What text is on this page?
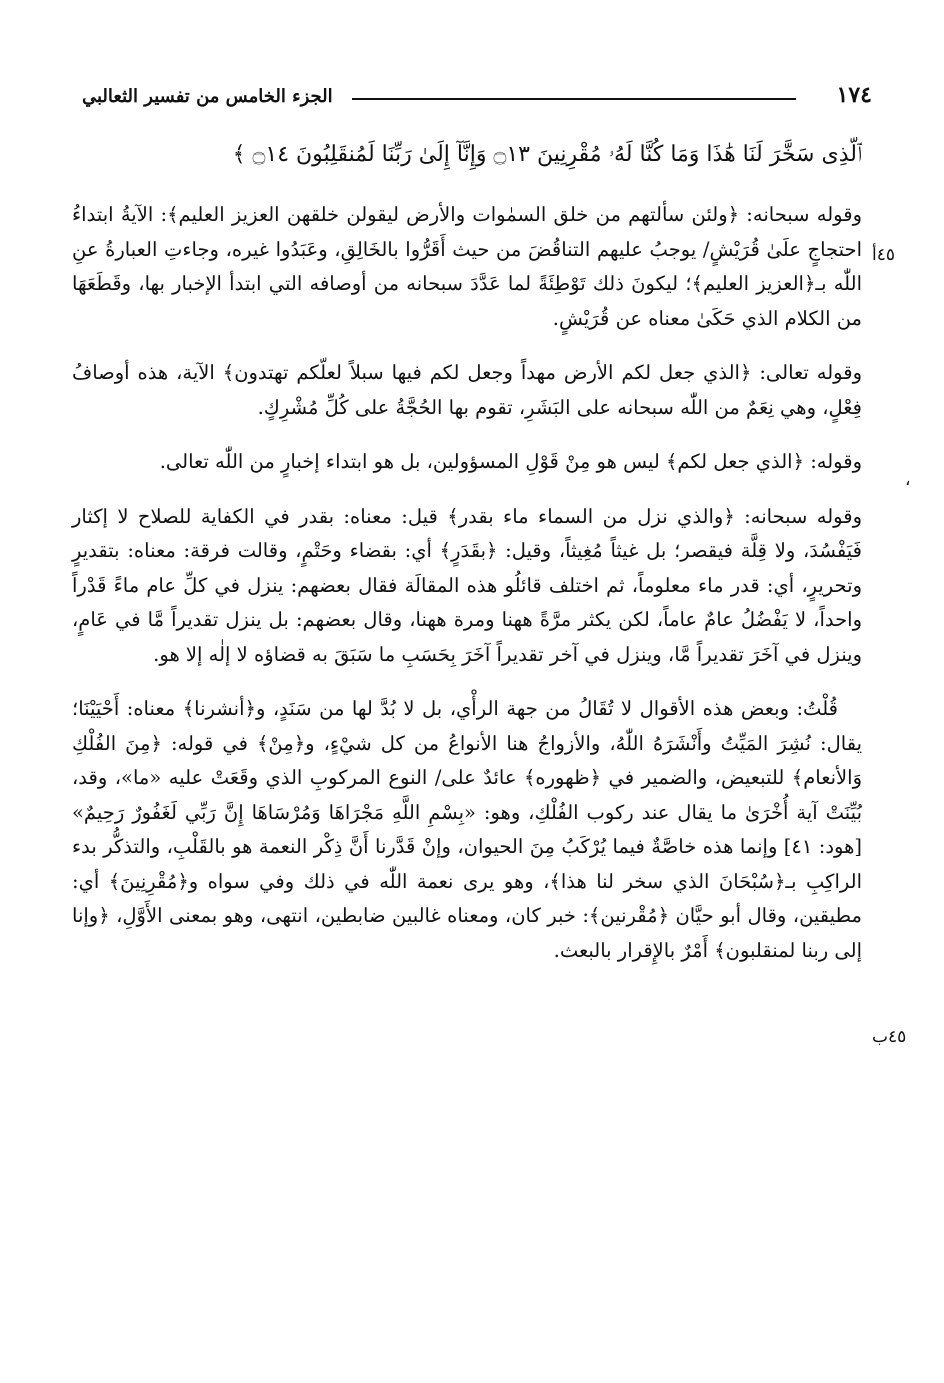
الجزء الخامس من تفسير الثعالبي	١٧٤
ٱلَّذِى سَخَّرَ لَنَا هَٰذَا وَمَا كُنَّا لَهُۥ مُقْرِنِينَ ۝١٣ وَإِنَّآ إِلَىٰ رَبِّنَا لَمُنقَلِبُونَ ۝١٤ ﴾
٤٥أ
،
٤٥ب

وقوله سبحانه: ﴿ولئن سألتهم من خلق السمٰوات والأرض ليقولن خلقهن العزيز العليم﴾: الآيةُ ابتداءُ احتجاجٍ علَىٰ قُرَيْشٍ/ يوجبُ عليهم التناقُضَ من حيث أَقَرُّوا بالخَالِقِ، وعَبَدُوا غيره، وجاءتِ العبارةُ عنِ اللّٰه بـ﴿العزيز العليم﴾؛ ليكونَ ذلك تَوْطِئَةً لما عَدَّدَ سبحانه من أوصافه التي ابتدأ الإخبار بها، وقَطَعَهَا من الكلام الذي حَكَىٰ معناه عن قُرَيْشٍ.

وقوله تعالى: ﴿الذي جعل لكم الأرض مهداً وجعل لكم فيها سبلاً لعلّكم تهتدون﴾ الآية، هذه أوصافُ فِعْلٍ، وهي نِعَمٌ من اللّٰه سبحانه على البَشَرِ، تقوم بها الحُجَّةُ على كُلِّ مُشْرِكٍ.

وقوله: ﴿الذي جعل لكم﴾ ليس هو مِنْ قَوْلِ المسؤولين، بل هو ابتداء إخبارٍ من اللّٰه تعالى.

وقوله سبحانه: ﴿والذي نزل من السماء ماء بقدر﴾ قيل: معناه: بقدر في الكفاية للصلاح لا إكثار فَيَفْسُدَ، ولا قِلَّة فيقصر؛ بل غيثاً مُغِيثاً، وقيل: ﴿بقَدَرٍ﴾ أي: بقضاء وحَتْمٍ، وقالت فرقة: معناه: بتقديرٍ وتحريرٍ، أي: قدر ماء معلوماً، ثم اختلف قائلُو هذه المقالَة فقال بعضهم: ينزل في كلِّ عام ماءً قَدْراً واحداً، لا يَفْضُلُ عامٌ عاماً، لكن يكثر مرَّةً ههنا ومرة ههنا، وقال بعضهم: بل ينزل تقديراً مَّا في عَامٍ، وينزل في آخَرَ تقديراً مَّا، وينزل في آخر تقديراً آخَرَ بِحَسَبِ ما سَبَقَ به قضاؤه لا إلٰه إلا هو.

قُلْتُ: وبعض هذه الأقوال لا تُقَالُ من جهة الرأْي، بل لا بُدَّ لها من سَنَدٍ، و﴿أنشرنا﴾ معناه: أَحْيَيْنَا؛ يقال: نُشِرَ المَيِّتُ وأَنْشَرَهُ اللّٰهُ، والأزواجُ هنا الأنواعُ من كل شيْءٍ، و﴿مِنْ﴾ في قوله: ﴿مِنَ الفُلْكِ وَالأنعام﴾ للتبعيض، والضمير في ﴿ظهوره﴾ عائدٌ على/ النوع المركوبِ الذي وقَعَتْ عليه «ما»، وقد، بُيِّنَتْ آية أُخْرَىٰ ما يقال عند ركوب الفُلْكِ، وهو: «بِسْمِ اللَّهِ مَجْرَاهَا وَمُرْسَاهَا إِنَّ رَبِّي لَغَفُورٌ رَحِيمٌ» [هود: ٤١] وإنما هذه خاصَّةٌ فيما يُرْكَبُ مِنَ الحيوان، وإنْ قَدَّرنا أَنَّ ذِكْر النعمة هو بالقَلْبِ، والتذكُّر بدء الراكِبِ بـ﴿سُبْحَانَ الذي سخر لنا هذا﴾، وهو يرى نعمة اللّٰه في ذلك وفي سواه و﴿مُقْرِنِينَ﴾ أي: مطيقين، وقال أبو حيَّان ﴿مُقْرنين﴾: خبر كان، ومعناه غالبين ضابطين، انتهى، وهو بمعنى الأَوَّلِ، ﴿وإنا إلى ربنا لمنقلبون﴾ أَمْرٌ بالإِقرار بالبعث.
